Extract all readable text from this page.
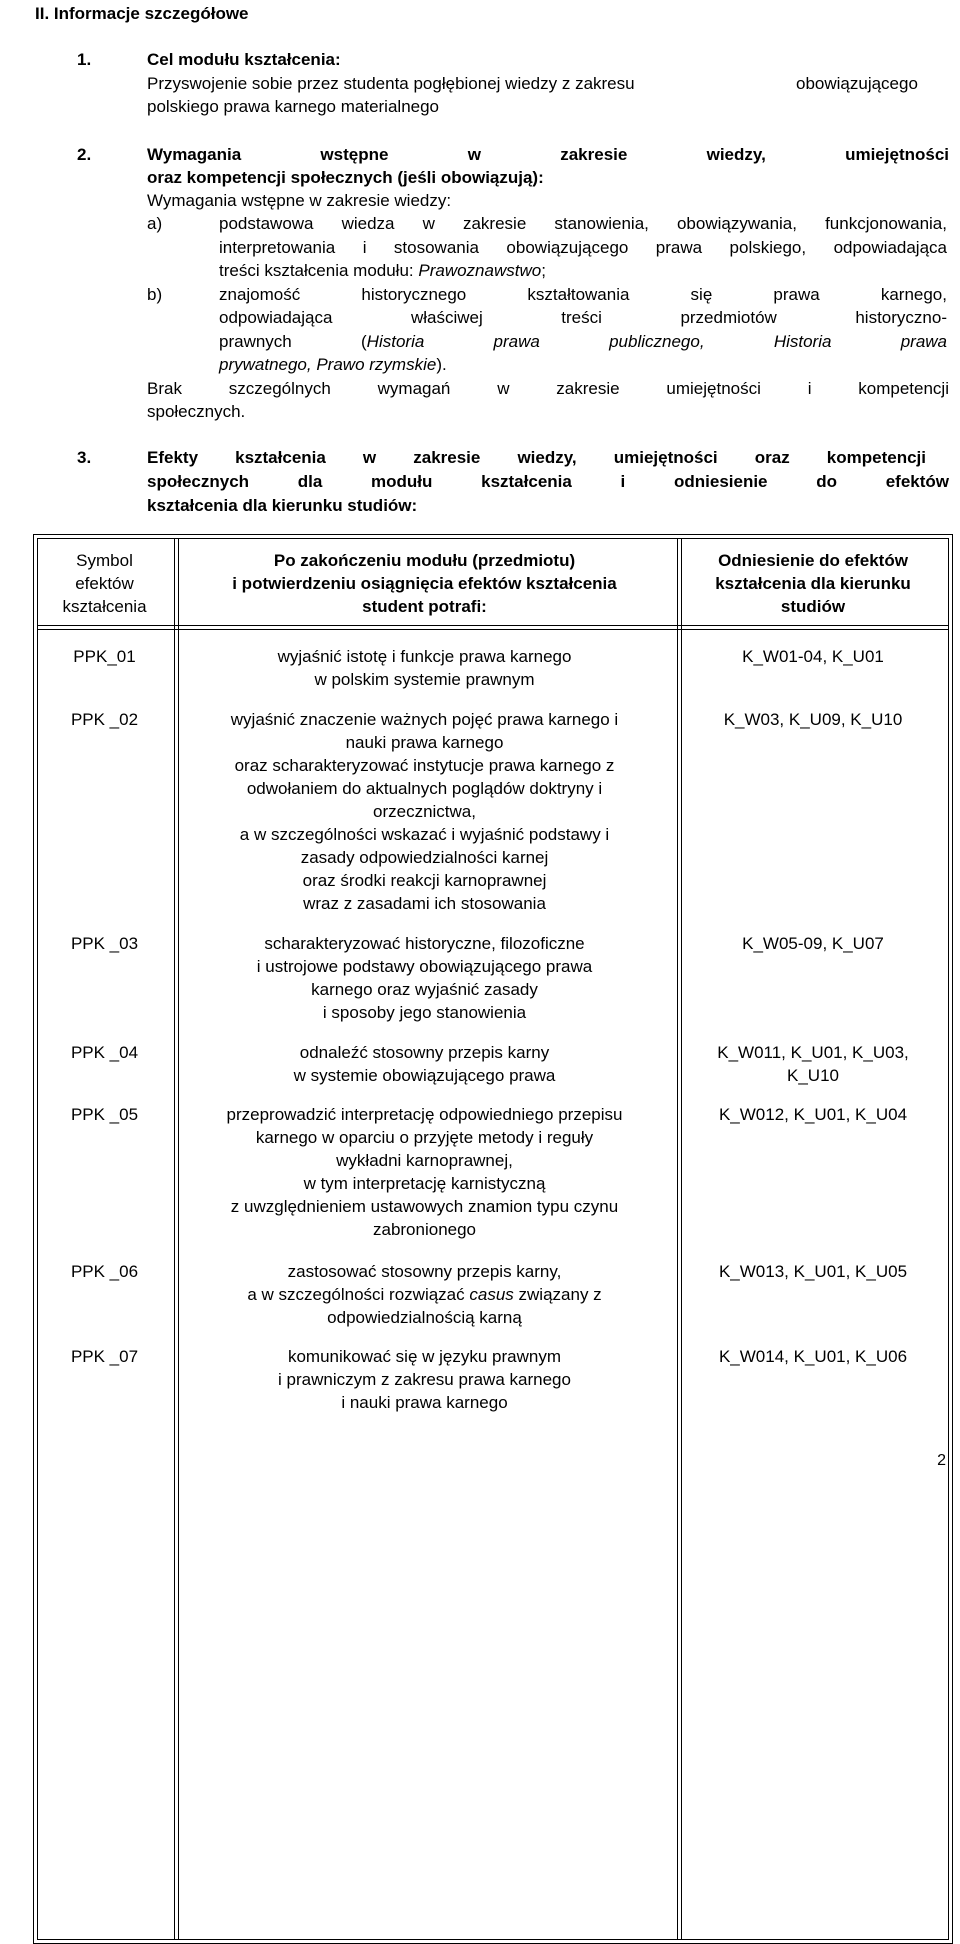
II. Informacje szczegółowe
1.	Cel modułu kształcenia:
Przyswojenie sobie przez studenta pogłębionej wiedzy z zakresu	obowiązującego
polskiego prawa karnego materialnego
2.	Wymagania wstępne w zakresie wiedzy, umiejętności
oraz kompetencji społecznych (jeśli obowiązują):
Wymagania wstępne w zakresie wiedzy:
a)	podstawowa wiedza w zakresie stanowienia, obowiązywania, funkcjonowania,
interpretowania i stosowania obowiązującego prawa polskiego, odpowiadająca
treści kształcenia modułu: Prawoznawstwo;
b)	znajomość historycznego kształtowania się prawa karnego,
odpowiadająca właściwej treści przedmiotów historyczno-
prawnych (Historia prawa publicznego, Historia prawa
prywatnego, Prawo rzymskie).
Brak szczególnych wymagań w zakresie umiejętności i kompetencji
społecznych.
3.	Efekty kształcenia w zakresie wiedzy, umiejętności oraz kompetencji
społecznych dla modułu kształcenia i odniesienie do efektów
kształcenia dla kierunku studiów:
Symbol
efektów
kształcenia
Po zakończeniu modułu (przedmiotu)
i potwierdzeniu osiągnięcia efektów kształcenia
student potrafi:
Odniesienie do efektów
kształcenia dla kierunku
studiów
PPK_01	wyjaśnić istotę i funkcje prawa karnego
w polskim systemie prawnym
K_W01-04, K_U01
PPK _02	wyjaśnić znaczenie ważnych pojęć prawa karnego i
nauki prawa karnego
oraz scharakteryzować instytucje prawa karnego z
odwołaniem do aktualnych poglądów doktryny i
orzecznictwa,
a w szczególności wskazać i wyjaśnić podstawy i
zasady odpowiedzialności karnej
oraz środki reakcji karnoprawnej
wraz z zasadami ich stosowania
K_W03, K_U09, K_U10
PPK _03	scharakteryzować historyczne, filozoficzne
i ustrojowe podstawy obowiązującego prawa
karnego oraz wyjaśnić zasady
i sposoby jego stanowienia
K_W05-09, K_U07
PPK _04	odnaleźć stosowny przepis karny
w systemie obowiązującego prawa
K_W011, K_U01, K_U03,
K_U10
PPK _05	przeprowadzić interpretację odpowiedniego przepisu
karnego w oparciu o przyjęte metody i reguły
wykładni karnoprawnej,
w tym interpretację karnistyczną
z uwzględnieniem ustawowych znamion typu czynu
zabronionego
K_W012, K_U01, K_U04
PPK _06	zastosować stosowny przepis karny,
a w szczególności rozwiązać casus związany z
odpowiedzialnością karną
K_W013, K_U01, K_U05
PPK _07	komunikować się w języku prawnym
i prawniczym z zakresu prawa karnego
i nauki prawa karnego
K_W014, K_U01, K_U06
2
